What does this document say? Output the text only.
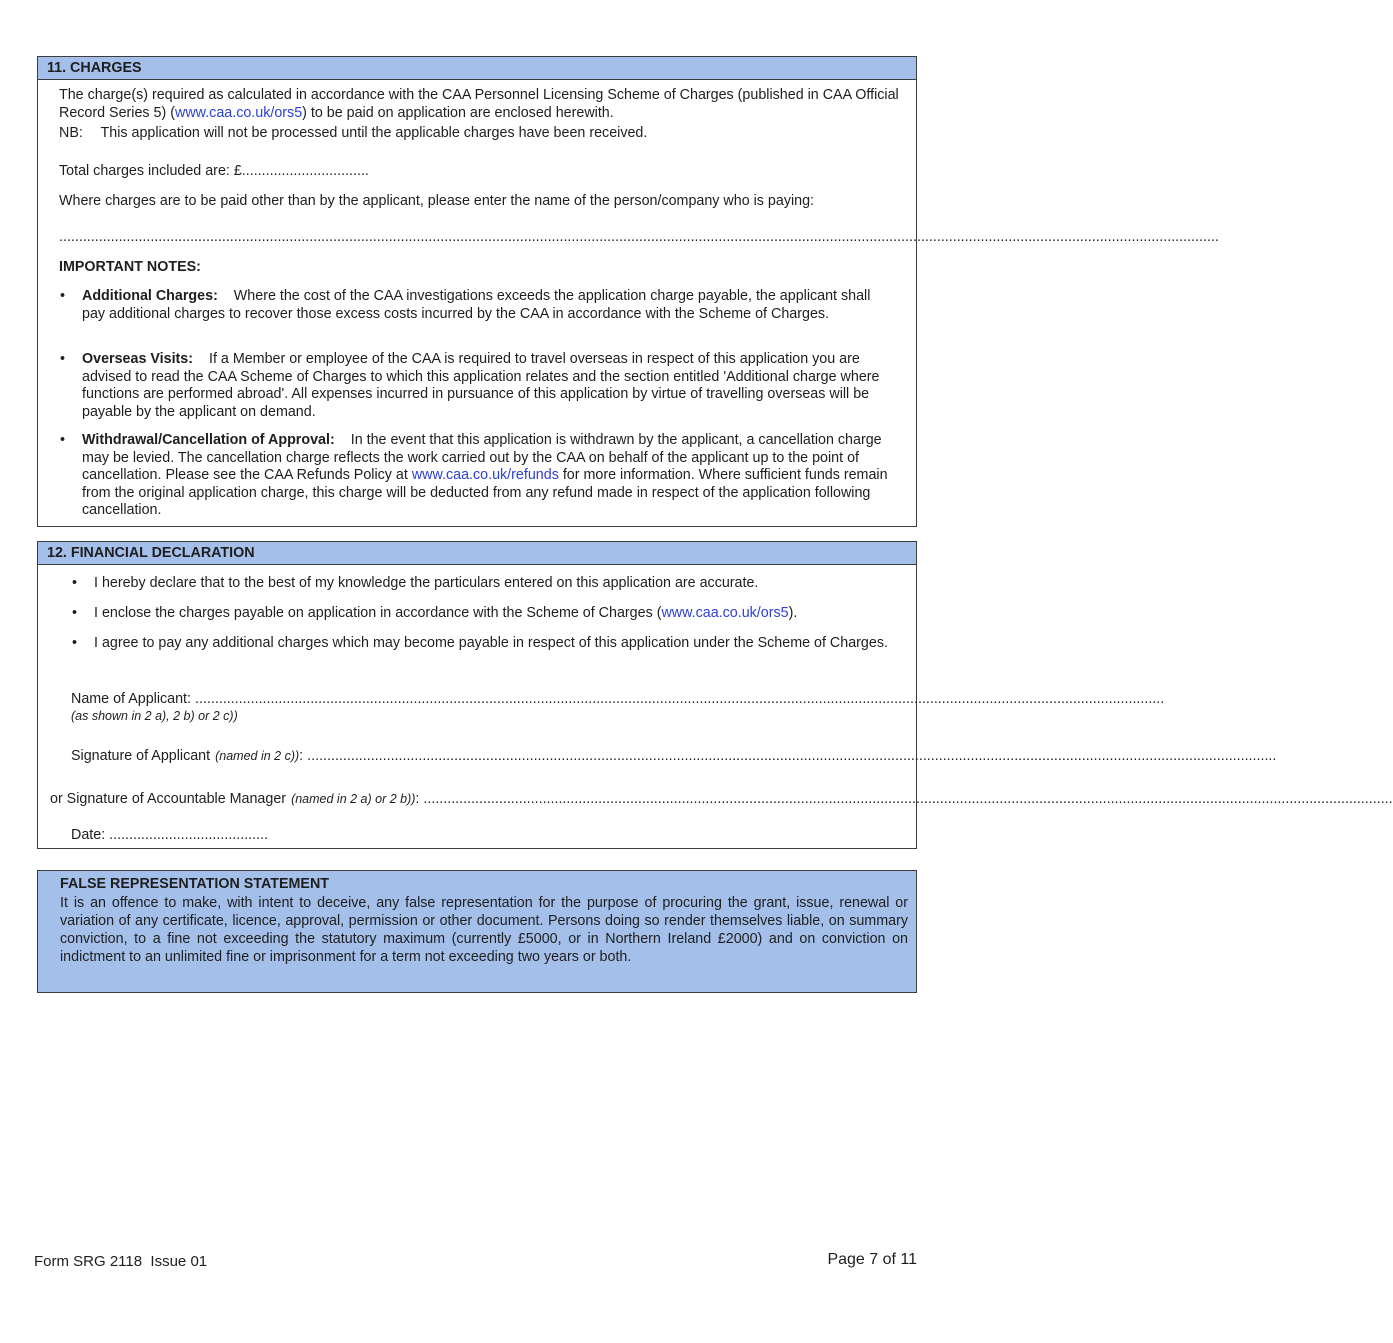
11. CHARGES
The charge(s) required as calculated in accordance with the CAA Personnel Licensing Scheme of Charges (published in CAA Official Record Series 5) (www.caa.co.uk/ors5) to be paid on application are enclosed herewith.
NB: This application will not be processed until the applicable charges have been received.
Total charges included are: £................................
Where charges are to be paid other than by the applicant, please enter the name of the person/company who is paying:
....................................................................................................................................................................................................................................................................................................
IMPORTANT NOTES:
•	Additional Charges: Where the cost of the CAA investigations exceeds the application charge payable, the applicant shall pay additional charges to recover those excess costs incurred by the CAA in accordance with the Scheme of Charges.
•	Overseas Visits: If a Member or employee of the CAA is required to travel overseas in respect of this application you are advised to read the CAA Scheme of Charges to which this application relates and the section entitled 'Additional charge where functions are performed abroad'. All expenses incurred in pursuance of this application by virtue of travelling overseas will be payable by the applicant on demand.
•	Withdrawal/Cancellation of Approval: In the event that this application is withdrawn by the applicant, a cancellation charge may be levied. The cancellation charge reflects the work carried out by the CAA on behalf of the applicant up to the point of cancellation. Please see the CAA Refunds Policy at www.caa.co.uk/refunds for more information. Where sufficient funds remain from the original application charge, this charge will be deducted from any refund made in respect of the application following cancellation.
12. FINANCIAL DECLARATION
•	I hereby declare that to the best of my knowledge the particulars entered on this application are accurate.
•	I enclose the charges payable on application in accordance with the Scheme of Charges (www.caa.co.uk/ors5).
•	I agree to pay any additional charges which may become payable in respect of this application under the Scheme of Charges.
Name of Applicant: ....................................................................................................................................................................................................................................................
(as shown in 2 a), 2 b) or 2 c))
Signature of Applicant (named in 2 c)) : ....................................................................................................................................................................................................................................................
or Signature of Accountable Manager (named in 2 a) or 2 b)) : ....................................................................................................................................................................................................................................................
Date: ........................................
FALSE REPRESENTATION STATEMENT
It is an offence to make, with intent to deceive, any false representation for the purpose of procuring the grant, issue, renewal or variation of any certificate, licence, approval, permission or other document. Persons doing so render themselves liable, on summary conviction, to a fine not exceeding the statutory maximum (currently £5000, or in Northern Ireland £2000) and on conviction on indictment to an unlimited fine or imprisonment for a term not exceeding two years or both.
Form SRG 2118  Issue 01	Page 7 of 11
